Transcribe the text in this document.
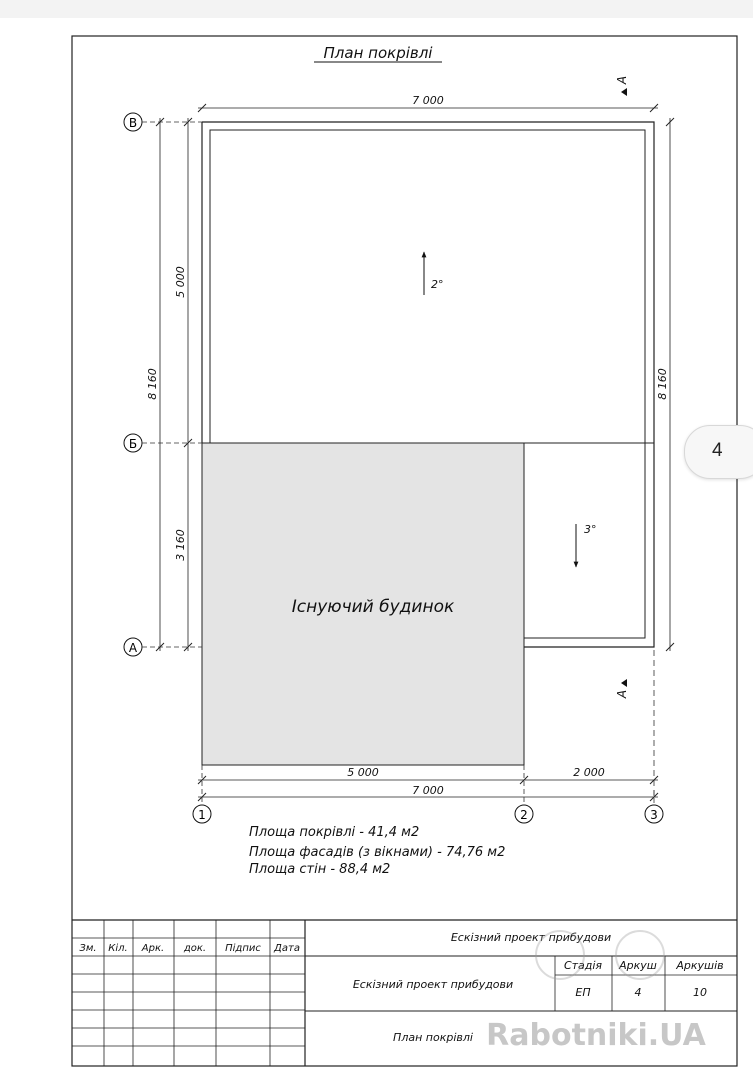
План покрівлі
Існуючий будинок
2°
3°
А
А
В
Б
А
8 160
5 000
3 160
8 160
7 000
5 000	2 000
7 000
1	2	3
Площа покрівлі - 41,4 м2
Площа фасадів (з вікнами) - 74,76 м2
Площа стін - 88,4 м2
Зм. Кіл. Арк. док. Підпис Дата
Ескізний проект прибудови
Ескізний проект прибудови
Стадія Аркуш Аркушів
ЕП	4	10
План покрівлі Rabotniki.UA
4
